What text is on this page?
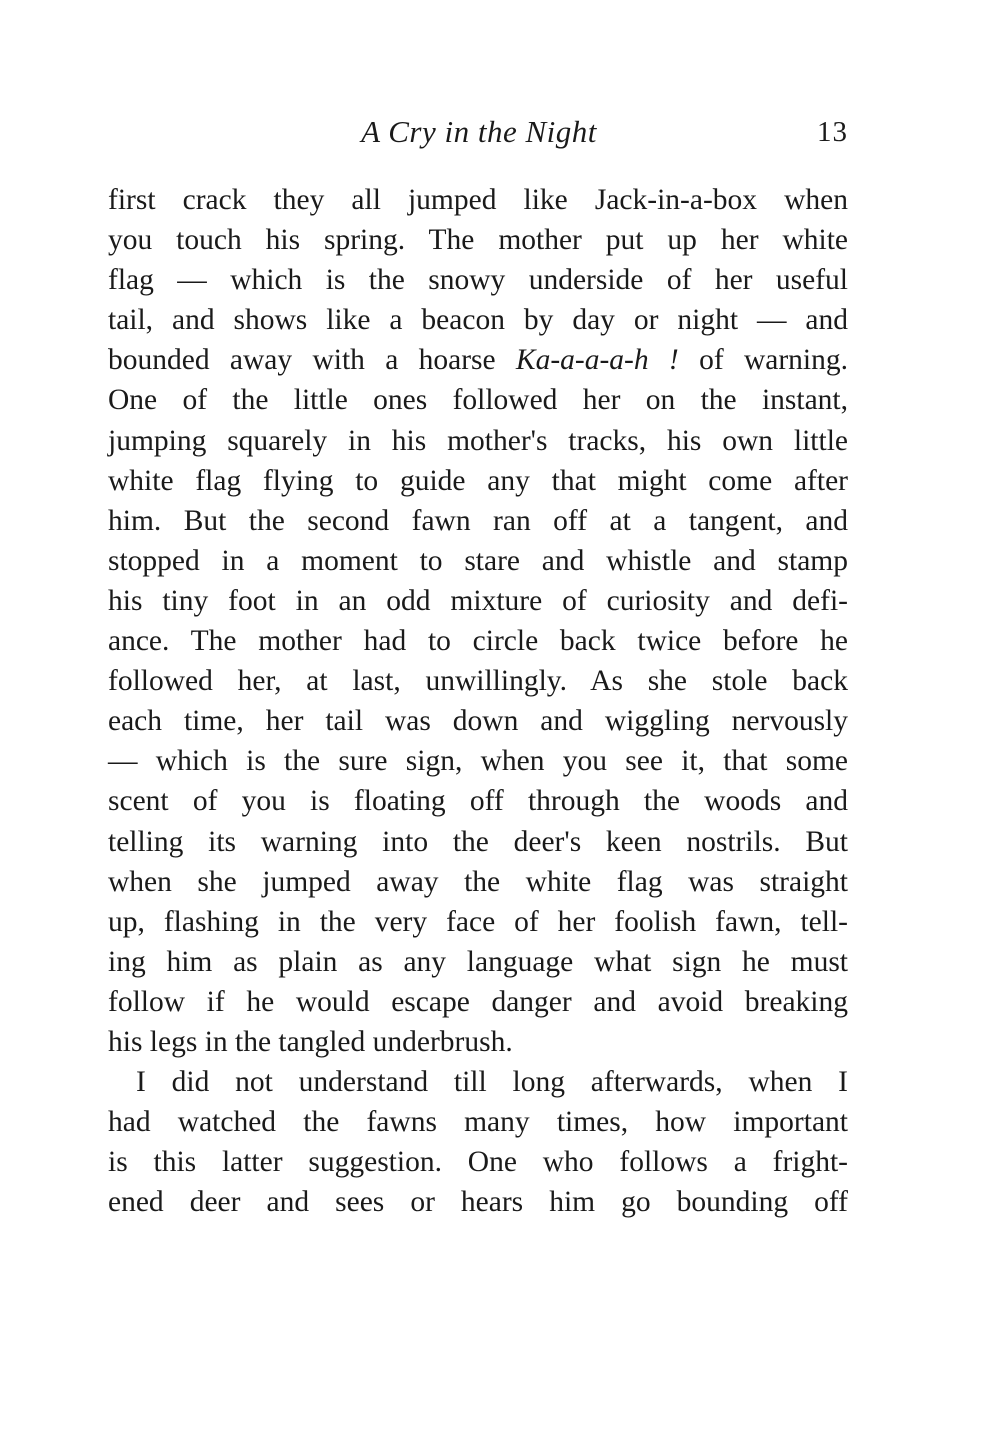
A Cry in the Night	13
first crack they all jumped like Jack-in-a-box when
you touch his spring. The mother put up her white
flag — which is the snowy underside of her useful
tail, and shows like a beacon by day or night — and
bounded away with a hoarse Ka-a-a-a-h ! of warning.
One of the little ones followed her on the instant,
jumping squarely in his mother's tracks, his own little
white flag flying to guide any that might come after
him. But the second fawn ran off at a tangent, and
stopped in a moment to stare and whistle and stamp
his tiny foot in an odd mixture of curiosity and defi-
ance. The mother had to circle back twice before he
followed her, at last, unwillingly. As she stole back
each time, her tail was down and wiggling nervously
— which is the sure sign, when you see it, that some
scent of you is floating off through the woods and
telling its warning into the deer's keen nostrils. But
when she jumped away the white flag was straight
up, flashing in the very face of her foolish fawn, tell-
ing him as plain as any language what sign he must
follow if he would escape danger and avoid breaking
his legs in the tangled underbrush.
I did not understand till long afterwards, when I
had watched the fawns many times, how important
is this latter suggestion. One who follows a fright-
ened deer and sees or hears him go bounding off
